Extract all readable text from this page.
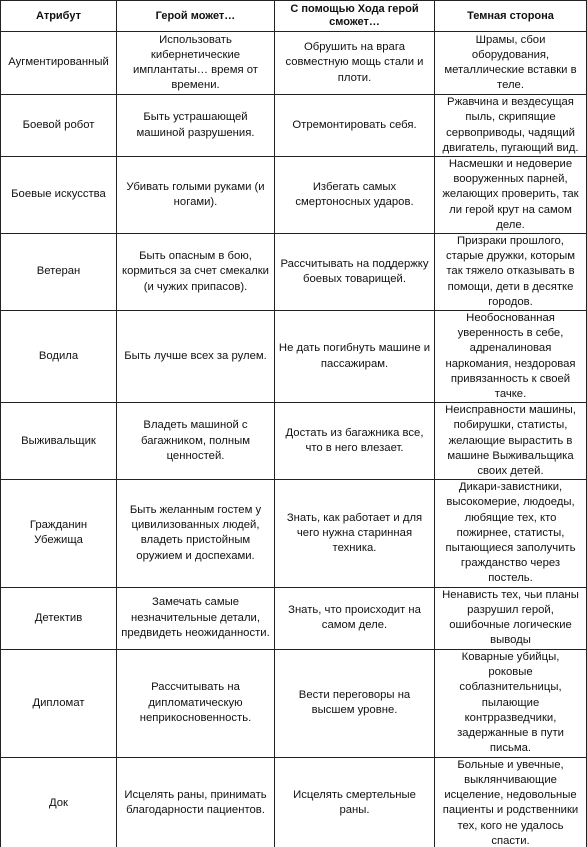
Атрибут	Герой может…	С помощью Хода герой сможет…	Темная сторона
Аугментированный	Использовать кибернетические имплантаты… время от времени.	Обрушить на врага совместную мощь стали и плоти.	Шрамы, сбои оборудования, металлические вставки в теле.
Боевой робот	Быть устрашающей машиной разрушения.	Отремонтировать себя.	Ржавчина и вездесущая пыль, скрипящие сервоприводы, чадящий двигатель, пугающий вид.
Боевые искусства	Убивать голыми руками (и ногами).	Избегать самых смертоносных ударов.	Насмешки и недоверие вооруженных парней, желающих проверить, так ли герой крут на самом деле.
Ветеран	Быть опасным в бою, кормиться за счет смекалки (и чужих припасов).	Рассчитывать на поддержку боевых товарищей.	Призраки прошлого, старые дружки, которым так тяжело отказывать в помощи, дети в десятке городов.
Водила	Быть лучше всех за рулем.	Не дать погибнуть машине и пассажирам.	Необоснованная уверенность в себе, адреналиновая наркомания, нездоровая привязанность к своей тачке.
Выживальщик	Владеть машиной с багажником, полным ценностей.	Достать из багажника все, что в него влезает.	Неисправности машины, побирушки, статисты, желающие вырастить в машине Выживальщика своих детей.
Гражданин Убежища	Быть желанным гостем у цивилизованных людей, владеть пристойным оружием и доспехами.	Знать, как работает и для чего нужна старинная техника.	Дикари-завистники, высокомерие, людоеды, любящие тех, кто пожирнее, статисты, пытающиеся заполучить гражданство через постель.
Детектив	Замечать самые незначительные детали, предвидеть неожиданности.	Знать, что происходит на самом деле.	Ненависть тех, чьи планы разрушил герой, ошибочные логические выводы
Дипломат	Рассчитывать на дипломатическую неприкосновенность.	Вести переговоры на высшем уровне.	Коварные убийцы, роковые соблазнительницы, пылающие контрразведчики, задержанные в пути письма.
Док	Исцелять раны, принимать благодарности пациентов.	Исцелять смертельные раны.	Больные и увечные, выклянчивающие исцеление, недовольные пациенты и родственники тех, кого не удалось спасти.
